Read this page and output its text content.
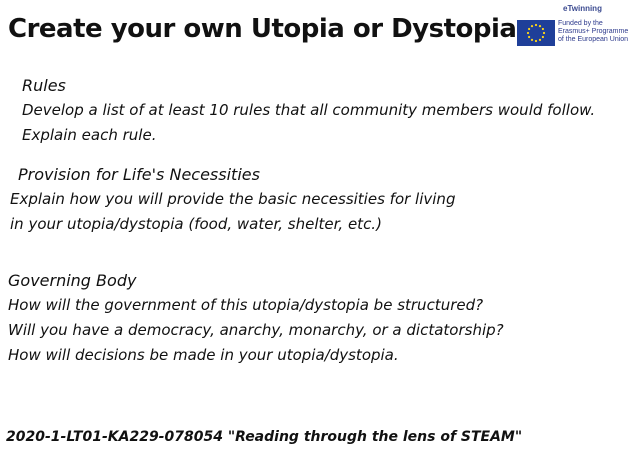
Create your own Utopia or Dystopia
eTwinning
Funded by the
Erasmus+ Programme
of the European Union

Rules

Develop a list of at least 10 rules that all community members would follow.

Explain each rule.

Provision for Life's Necessities

Explain how you will provide the basic necessities for living

in your utopia/dystopia (food, water, shelter, etc.)

Governing Body

How will the government of this utopia/dystopia be structured?

Will you have a democracy, anarchy, monarchy, or a dictatorship?

How will decisions be made in your utopia/dystopia.

2020-1-LT01-KA229-078054 "Reading through the lens of STEAM"
